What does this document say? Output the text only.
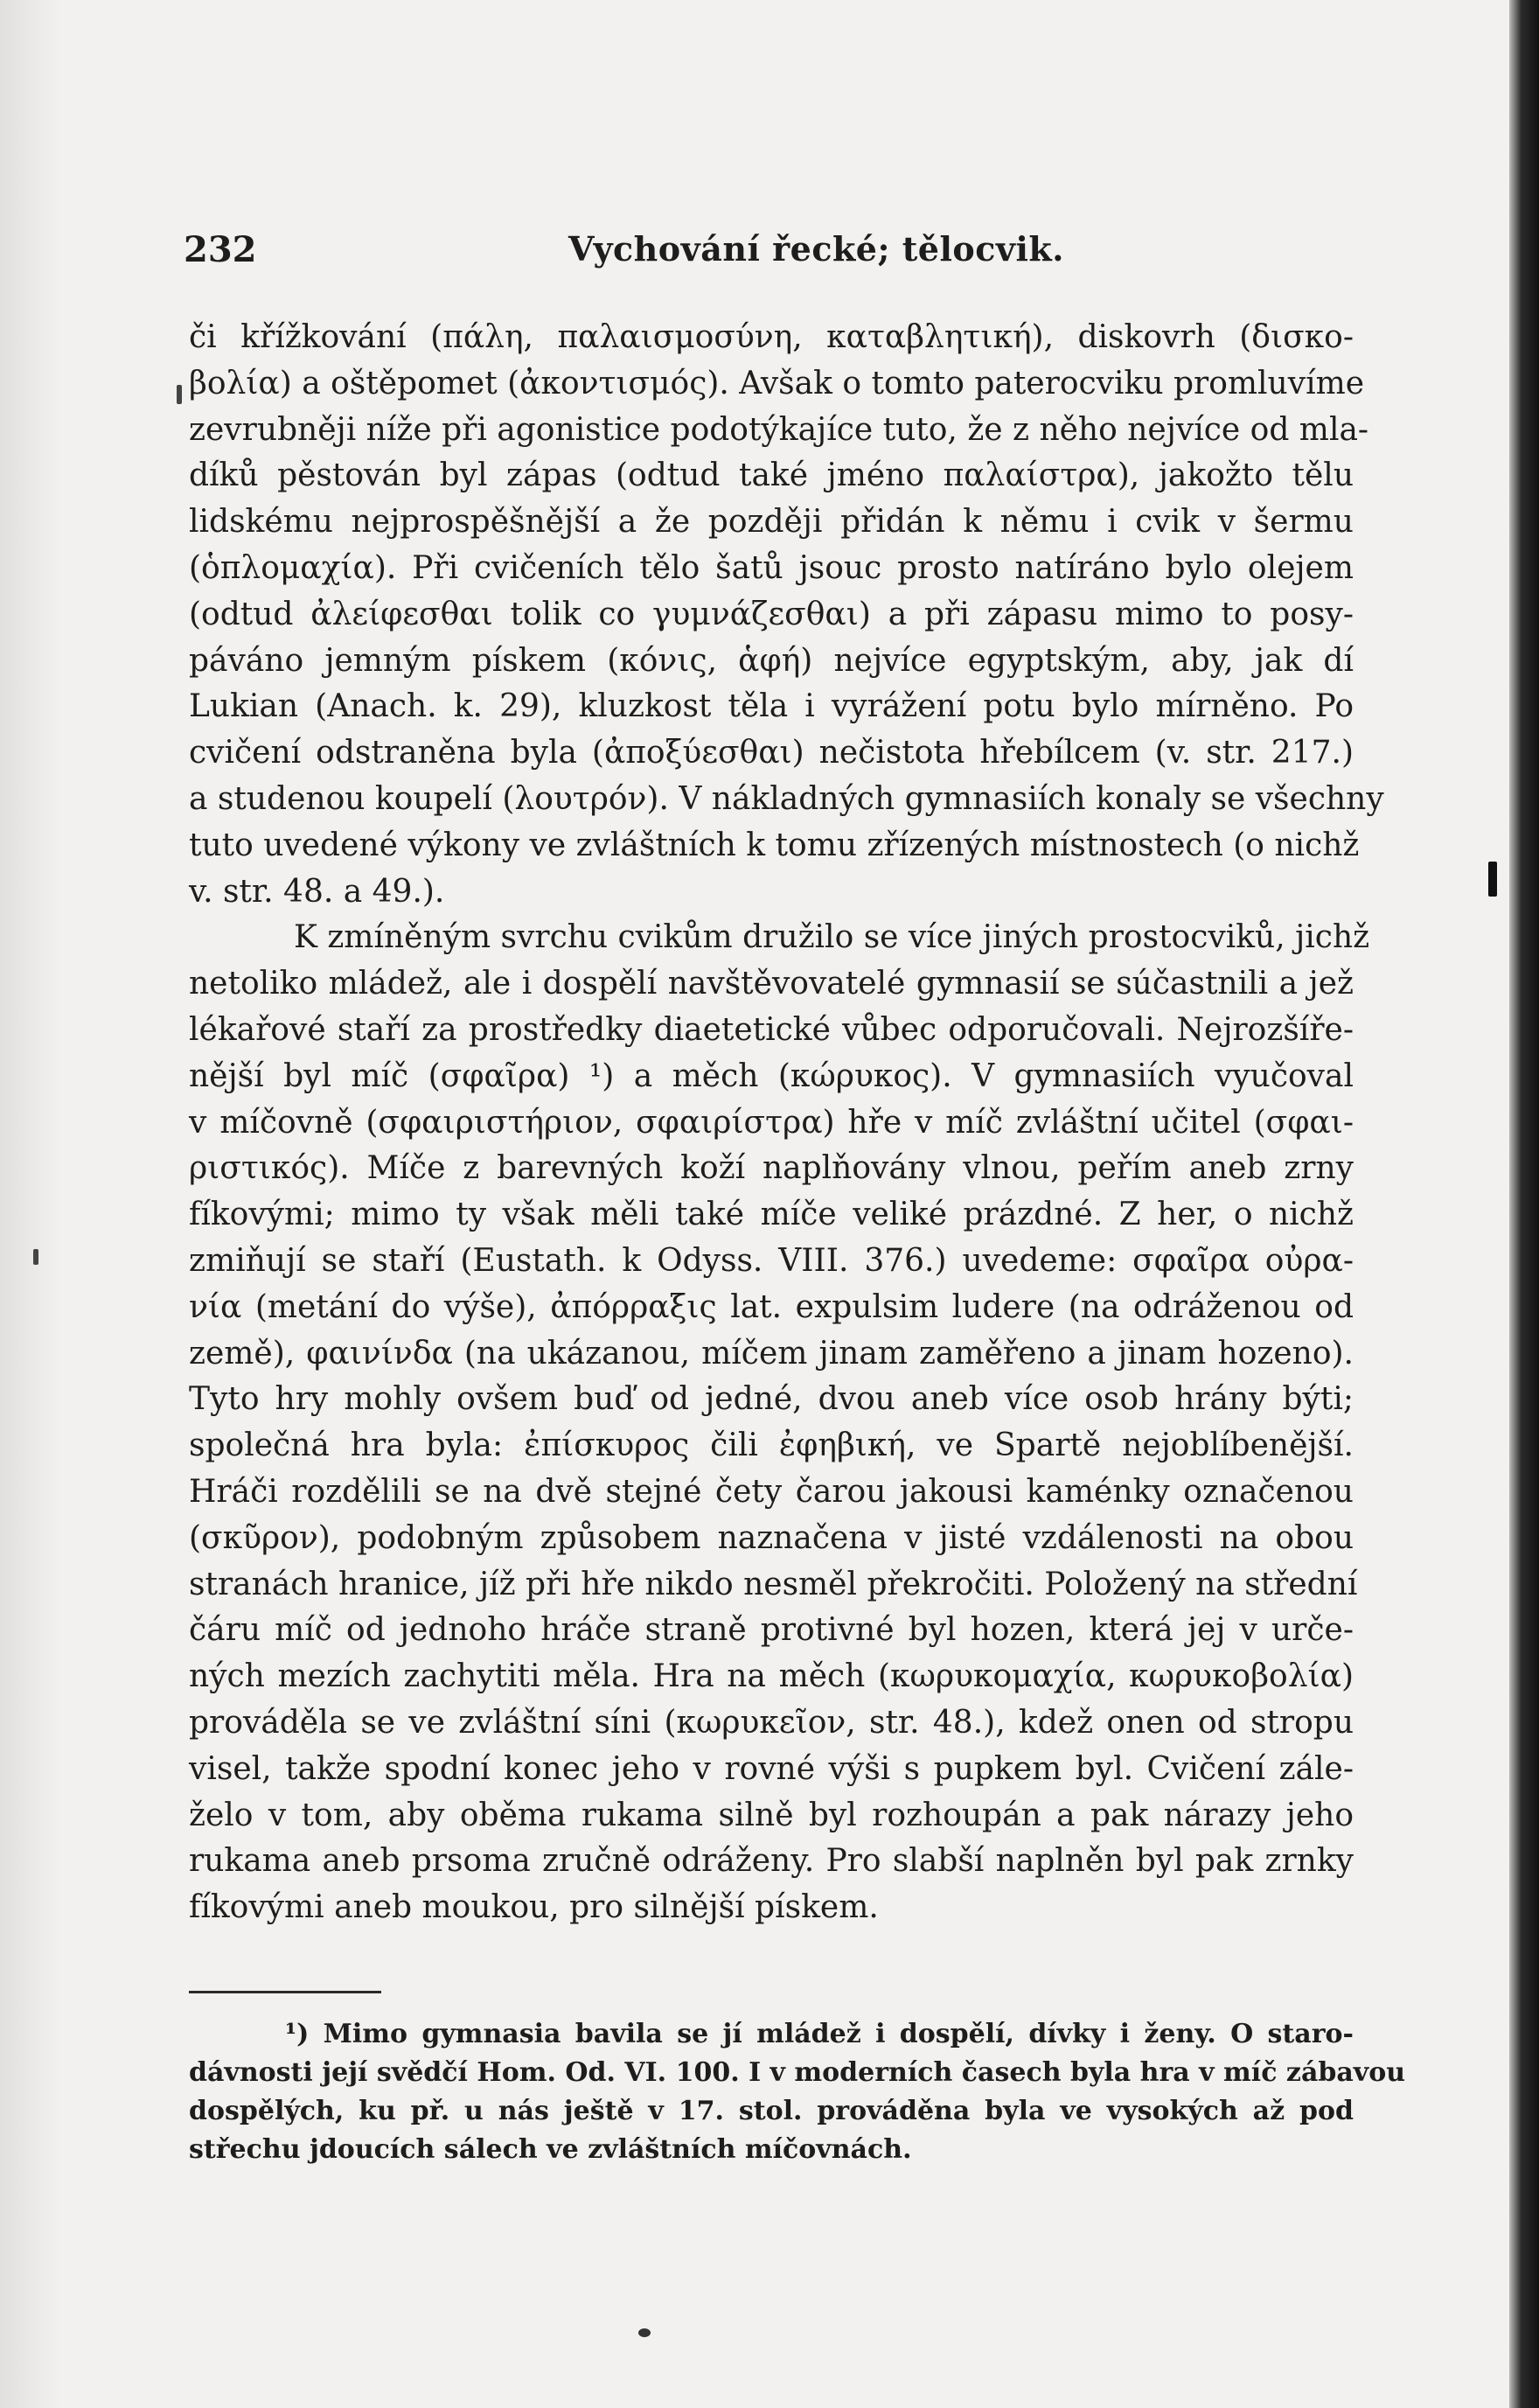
232	Vychování řecké; tělocvik.

či křížkování (πάλη, παλαισμοσύνη, καταβλητική), diskovrh (δισκο-
βολία) a oštěpomet (ἀκοντισμός). Avšak o tomto paterocviku promluvíme
zevrubněji níže při agonistice podotýkajíce tuto, že z něho nejvíce od mla-
díků pěstován byl zápas (odtud také jméno παλαίστρα), jakožto tělu
lidskému nejprospěšnější a že později přidán k němu i cvik v šermu
(ὁπλομαχία). Při cvičeních tělo šatů jsouc prosto natíráno bylo olejem
(odtud ἀλείφεσθαι tolik co γυμνάζεσθαι) a při zápasu mimo to posy-
páváno jemným pískem (κόνις, ἁφή) nejvíce egyptským, aby, jak dí
Lukian (Anach. k. 29), kluzkost těla i vyrážení potu bylo mírněno. Po
cvičení odstraněna byla (ἀποξύεσθαι) nečistota hřebílcem (v. str. 217.)
a studenou koupelí (λουτρόν). V nákladných gymnasiích konaly se všechny
tuto uvedené výkony ve zvláštních k tomu zřízených místnostech (o nichž
v. str. 48. a 49.).

K zmíněným svrchu cvikům družilo se více jiných prostocviků, jichž
netoliko mládež, ale i dospělí navštěvovatelé gymnasií se súčastnili a jež
lékařové staří za prostředky diaetetické vůbec odporučovali. Nejrozšíře-
nější byl míč (σφαῖρα) ¹) a měch (κώρυκος). V gymnasiích vyučoval
v míčovně (σφαιριστήριον, σφαιρίστρα) hře v míč zvláštní učitel (σφαι-
ριστικός). Míče z barevných koží naplňovány vlnou, peřím aneb zrny
fíkovými; mimo ty však měli také míče veliké prázdné. Z her, o nichž
zmiňují se staří (Eustath. k Odyss. VIII. 376.) uvedeme: σφαῖρα οὐρα-
νία (metání do výše), ἀπόρραξις lat. expulsim ludere (na odráženou od
země), φαινίνδα (na ukázanou, míčem jinam zaměřeno a jinam hozeno).
Tyto hry mohly ovšem buď od jedné, dvou aneb více osob hrány býti;
společná hra byla: ἐπίσκυρος čili ἐφηβική, ve Spartě nejoblíbenější.
Hráči rozdělili se na dvě stejné čety čarou jakousi kaménky označenou
(σκῦρον), podobným způsobem naznačena v jisté vzdálenosti na obou
stranách hranice, jíž při hře nikdo nesměl překročiti. Položený na střední
čáru míč od jednoho hráče straně protivné byl hozen, která jej v urče-
ných mezích zachytiti měla. Hra na měch (κωρυκομαχία, κωρυκοβολία)
prováděla se ve zvláštní síni (κωρυκεῖον, str. 48.), kdež onen od stropu
visel, takže spodní konec jeho v rovné výši s pupkem byl. Cvičení zále-
želo v tom, aby oběma rukama silně byl rozhoupán a pak nárazy jeho
rukama aneb prsoma zručně odráženy. Pro slabší naplněn byl pak zrnky
fíkovými aneb moukou, pro silnější pískem.

¹) Mimo gymnasia bavila se jí mládež i dospělí, dívky i ženy. O staro-
dávnosti její svědčí Hom. Od. VI. 100. I v moderních časech byla hra v míč zábavou
dospělých, ku př. u nás ještě v 17. stol. prováděna byla ve vysokých až pod
střechu jdoucích sálech ve zvláštních míčovnách.
